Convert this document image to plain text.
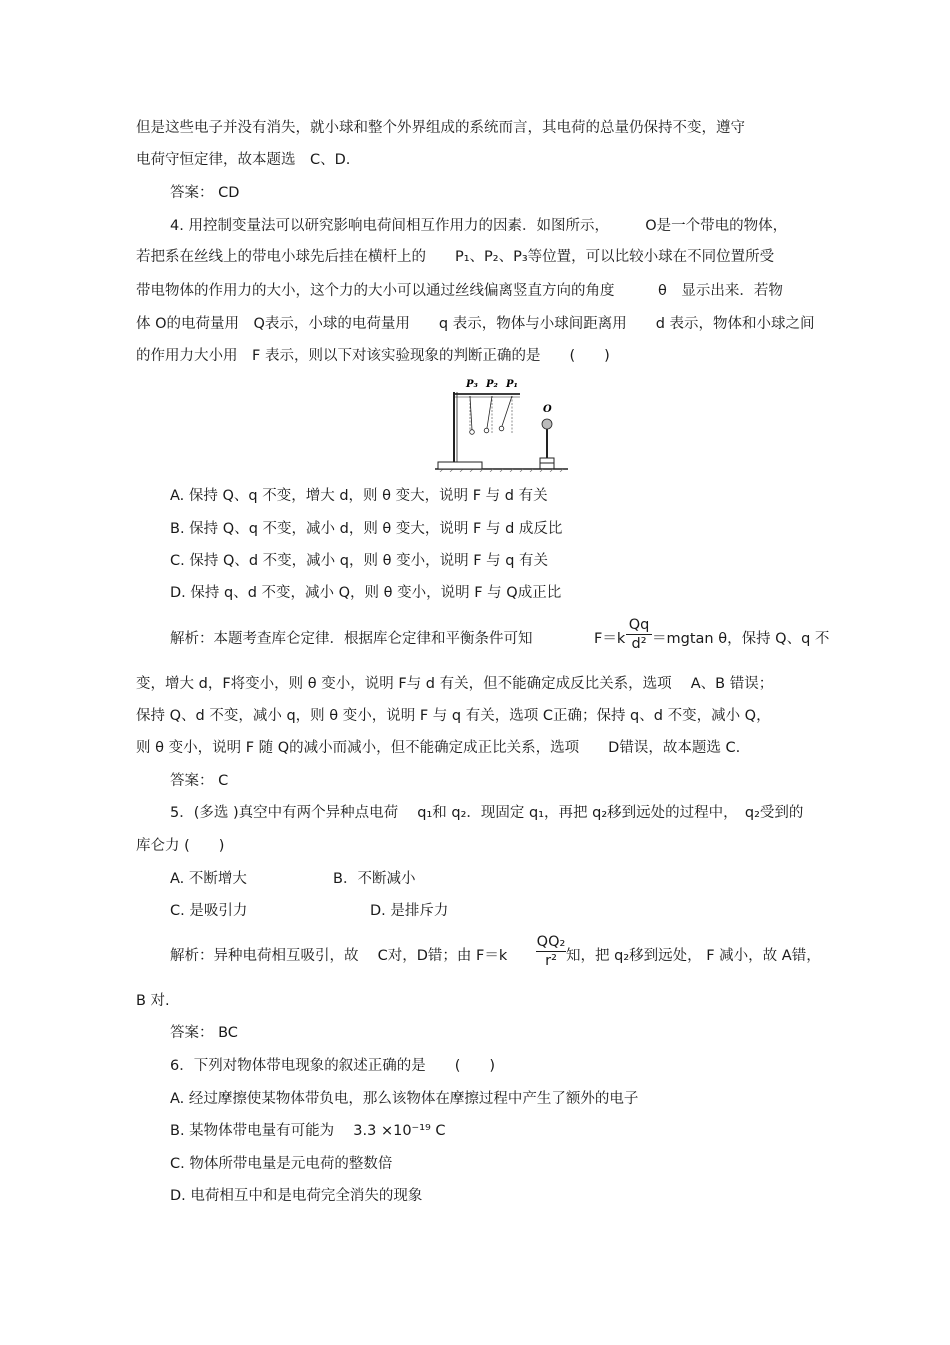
但是这些电子并没有消失，就小球和整个外界组成的系统而言，其电荷的总量仍保持不变，遵守
电荷守恒定律，故本题选　C、D.
答案： CD
4. 用控制变量法可以研究影响电荷间相互作用力的因素．如图所示，　　　O是一个带电的物体，
若把系在丝线上的带电小球先后挂在横杆上的　　P₁、P₂、P₃等位置，可以比较小球在不同位置所受
带电物体的作用力的大小，这个力的大小可以通过丝线偏离竖直方向的角度　　　θ　显示出来．若物
体 O的电荷量用　Q表示，小球的电荷量用　　q 表示，物体与小球间距离用　　d 表示，物体和小球之间
的作用力大小用　F 表示，则以下对该实验现象的判断正确的是　　(　　)
P₃ P₂ P₁
O
A. 保持 Q、q 不变，增大 d，则 θ 变大，说明 F 与 d 有关
B. 保持 Q、q 不变，减小 d，则 θ 变大，说明 F 与 d 成反比
C. 保持 Q、d 不变，减小 q，则 θ 变小，说明 F 与 q 有关
D. 保持 q、d 不变，减小 Q，则 θ 变小，说明 F 与 Q成正比
解析：本题考查库仑定律．根据库仑定律和平衡条件可知	F＝k
Qq
d² ＝mgtan θ，保持 Q、q 不
变，增大 d，F将变小，则 θ 变小，说明 F与 d 有关，但不能确定成反比关系，选项　 A、B 错误；
保持 Q、d 不变，减小 q，则 θ 变小，说明 F 与 q 有关，选项 C正确；保持 q、d 不变，减小 Q，
则 θ 变小，说明 F 随 Q的减小而减小，但不能确定成正比关系，选项　　D错误，故本题选 C.
答案： C
5．(多选 )真空中有两个异种点电荷　 q₁和 q₂．现固定 q₁，再把 q₂移到远处的过程中，　q₂受到的
库仑力 (　　)
A. 不断增大	B．不断减小
C. 是吸引力	D. 是排斥力
解析：异种电荷相互吸引，故　 C对，D错；由 F＝k
QQ₂
r² 知，把 q₂移到远处， F 减小，故 A错，
B 对.
答案： BC
6．下列对物体带电现象的叙述正确的是　　(　　)
A. 经过摩擦使某物体带负电，那么该物体在摩擦过程中产生了额外的电子
B. 某物体带电量有可能为　 3.3 ×10⁻¹⁹ C
C. 物体所带电量是元电荷的整数倍
D. 电荷相互中和是电荷完全消失的现象
